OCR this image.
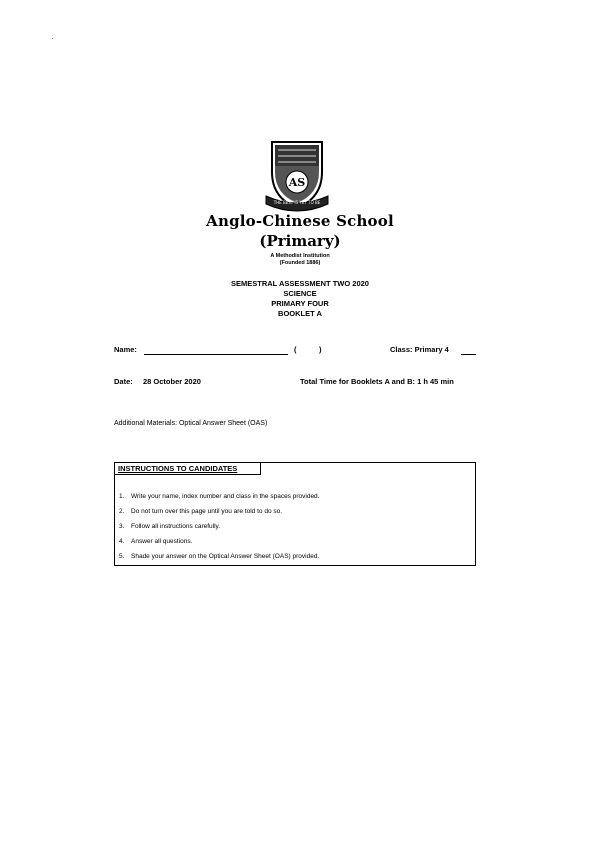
AS
THE BEST IS YET TO BE
Anglo-Chinese School
(Primary)
A Methodist Institution
(Founded 1886)
SEMESTRAL ASSESSMENT TWO 2020
SCIENCE
PRIMARY FOUR
BOOKLET A
Name:	(	)	Class: Primary 4
Date: 28 October 2020	Total Time for Booklets A and B: 1 h 45 min
Additional Materials: Optical Answer Sheet (OAS)
INSTRUCTIONS TO CANDIDATES
1. Write your name, index number and class in the spaces provided.
2. Do not turn over this page until you are told to do so.
3. Follow all instructions carefully.
4. Answer all questions.
5. Shade your answer on the Optical Answer Sheet (OAS) provided.
